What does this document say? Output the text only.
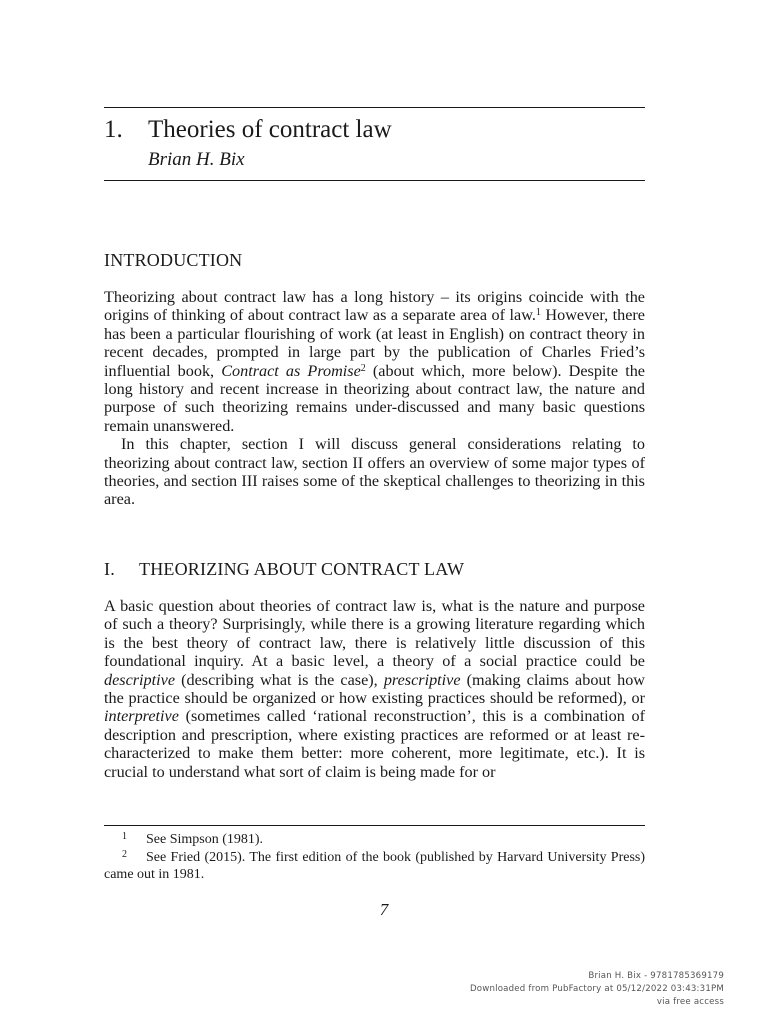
1. Theories of contract law
Brian H. Bix
INTRODUCTION

Theorizing about contract law has a long history – its origins coincide with the origins of thinking of about contract law as a separate area of law.$^1$ However, there has been a particular flourishing of work (at least in English) on contract theory in recent decades, prompted in large part by the publication of Charles Fried’s influential book, Contract as Promise$^2$ (about which, more below). Despite the long history and recent increase in theorizing about contract law, the nature and purpose of such theorizing remains under-discussed and many basic questions remain unanswered.

In this chapter, section I will discuss general considerations relating to theorizing about contract law, section II offers an overview of some major types of theories, and section III raises some of the skeptical challenges to theorizing in this area.

I. THEORIZING ABOUT CONTRACT LAW

A basic question about theories of contract law is, what is the nature and purpose of such a theory? Surprisingly, while there is a growing literature regarding which is the best theory of contract law, there is relatively little discussion of this foundational inquiry. At a basic level, a theory of a social practice could be descriptive (describing what is the case), prescriptive (making claims about how the practice should be organized or how existing practices should be reformed), or interpretive (sometimes called ‘rational reconstruction’, this is a combination of description and prescription, where existing practices are reformed or at least re-characterized to make them better: more coherent, more legitimate, etc.). It is crucial to understand what sort of claim is being made for or

1 See Simpson (1981).

2 See Fried (2015). The first edition of the book (published by Harvard University Press) came out in 1981.

7
Brian H. Bix - 9781785369179
Downloaded from PubFactory at 05/12/2022 03:43:31PM
via free access
